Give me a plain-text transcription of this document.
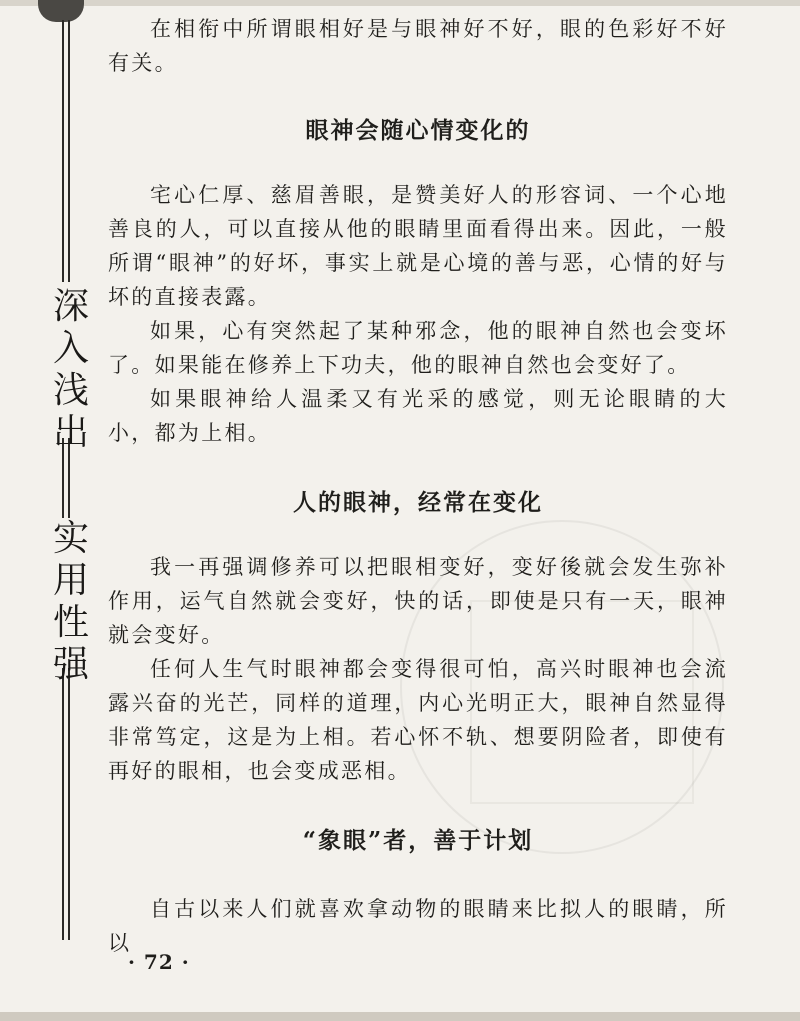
深
入
浅
出
实
用
性
强

在相衔中所谓眼相好是与眼神好不好，眼的色彩好不好有关。

眼神会随心情变化的

宅心仁厚、慈眉善眼，是赞美好人的形容词、一个心地善良的人，可以直接从他的眼睛里面看得出来。因此，一般所谓“眼神”的好坏，事实上就是心境的善与恶，心情的好与坏的直接表露。

如果，心有突然起了某种邪念，他的眼神自然也会变坏了。如果能在修养上下功夫，他的眼神自然也会变好了。

如果眼神给人温柔又有光采的感觉，则无论眼睛的大小，都为上相。

人的眼神，经常在变化

我一再强调修养可以把眼相变好，变好後就会发生弥补作用，运气自然就会变好，快的话，即使是只有一天，眼神就会变好。

任何人生气时眼神都会变得很可怕，高兴时眼神也会流露兴奋的光芒，同样的道理，内心光明正大，眼神自然显得非常笃定，这是为上相。若心怀不轨、想要阴险者，即使有再好的眼相，也会变成恶相。

“象眼”者，善于计划

自古以来人们就喜欢拿动物的眼睛来比拟人的眼睛，所以

· 72 ·
